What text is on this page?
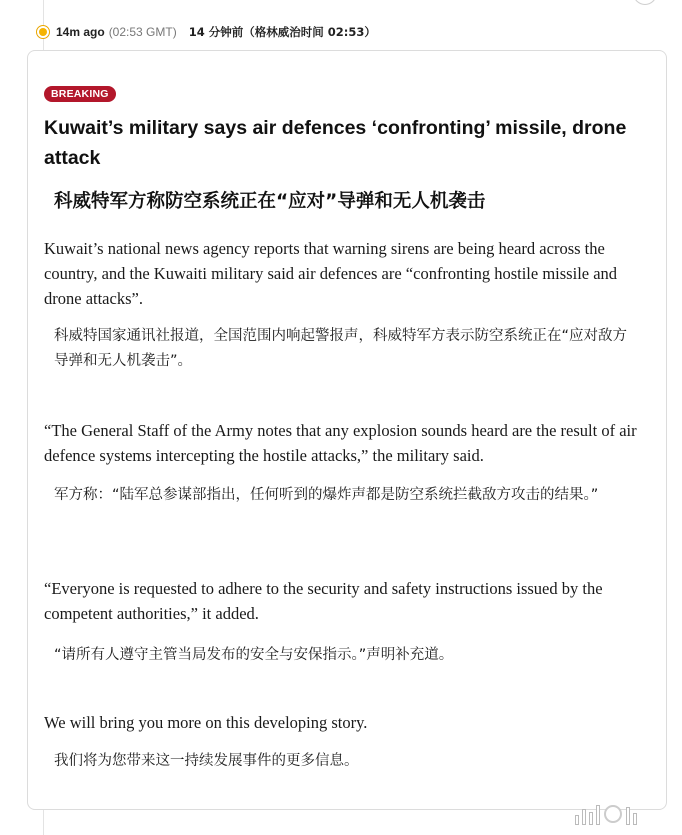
14m ago (02:53 GMT) 14 分钟前（格林威治时间 02:53）
BREAKING
Kuwait’s military says air defences ‘confronting’ missile, drone attack
科威特军方称防空系统正在“应对”导弹和无人机袭击

Kuwait’s national news agency reports that warning sirens are being heard across the country, and the Kuwaiti military said air defences are “confronting hostile missile and drone attacks”.

科威特国家通讯社报道，全国范围内响起警报声，科威特军方表示防空系统正在“应对敌方导弹和无人机袭击”。

“The General Staff of the Army notes that any explosion sounds heard are the result of air defence systems intercepting the hostile attacks,” the military said.

军方称：“陆军总参谋部指出，任何听到的爆炸声都是防空系统拦截敌方攻击的结果。”

“Everyone is requested to adhere to the security and safety instructions issued by the competent authorities,” it added.

“请所有人遵守主管当局发布的安全与安保指示。”声明补充道。

We will bring you more on this developing story.

我们将为您带来这一持续发展事件的更多信息。
